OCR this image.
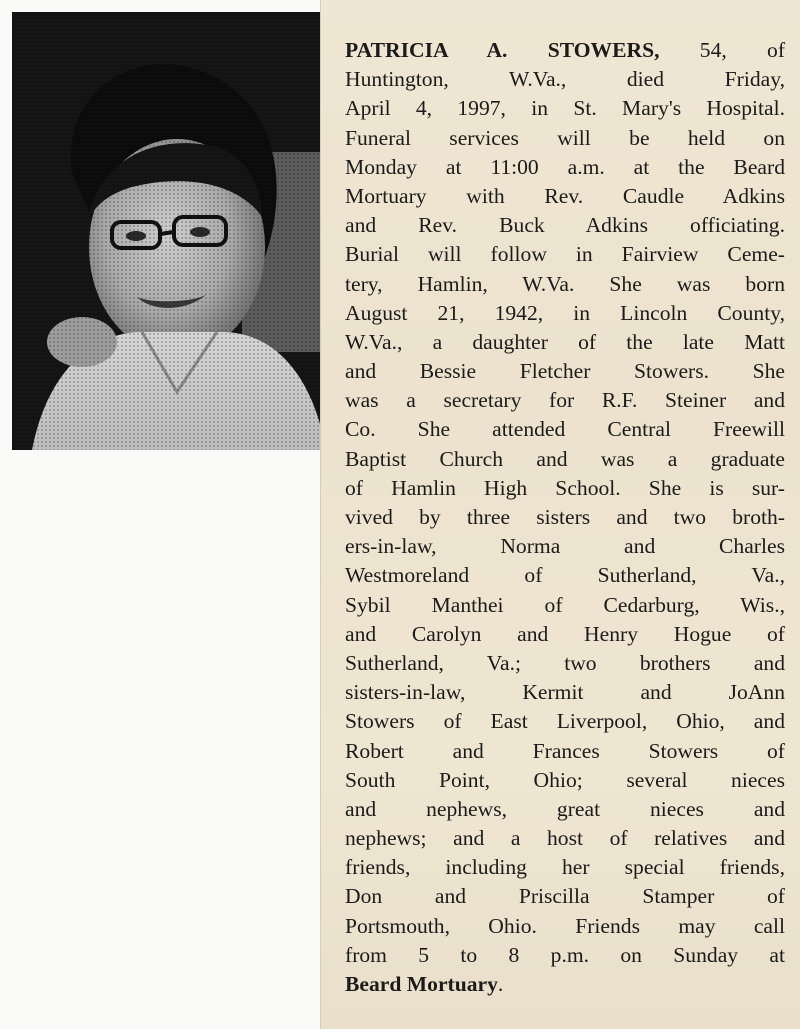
PATRICIA A. STOWERS, 54, of
Huntington, W.Va., died Friday,
April 4, 1997, in St. Mary's Hospital.
Funeral services will be held on
Monday at 11:00 a.m. at the Beard
Mortuary with Rev. Caudle Adkins
and Rev. Buck Adkins officiating.
Burial will follow in Fairview Ceme-
tery, Hamlin, W.Va. She was born
August 21, 1942, in Lincoln County,
W.Va., a daughter of the late Matt
and Bessie Fletcher Stowers. She
was a secretary for R.F. Steiner and
Co. She attended Central Freewill
Baptist Church and was a graduate
of Hamlin High School. She is sur-
vived by three sisters and two broth-
ers-in-law, Norma and Charles
Westmoreland of Sutherland, Va.,
Sybil Manthei of Cedarburg, Wis.,
and Carolyn and Henry Hogue of
Sutherland, Va.; two brothers and
sisters-in-law, Kermit and JoAnn
Stowers of East Liverpool, Ohio, and
Robert and Frances Stowers of
South Point, Ohio; several nieces
and nephews, great nieces and
nephews; and a host of relatives and
friends, including her special friends,
Don and Priscilla Stamper of
Portsmouth, Ohio. Friends may call
from 5 to 8 p.m. on Sunday at
Beard Mortuary.
